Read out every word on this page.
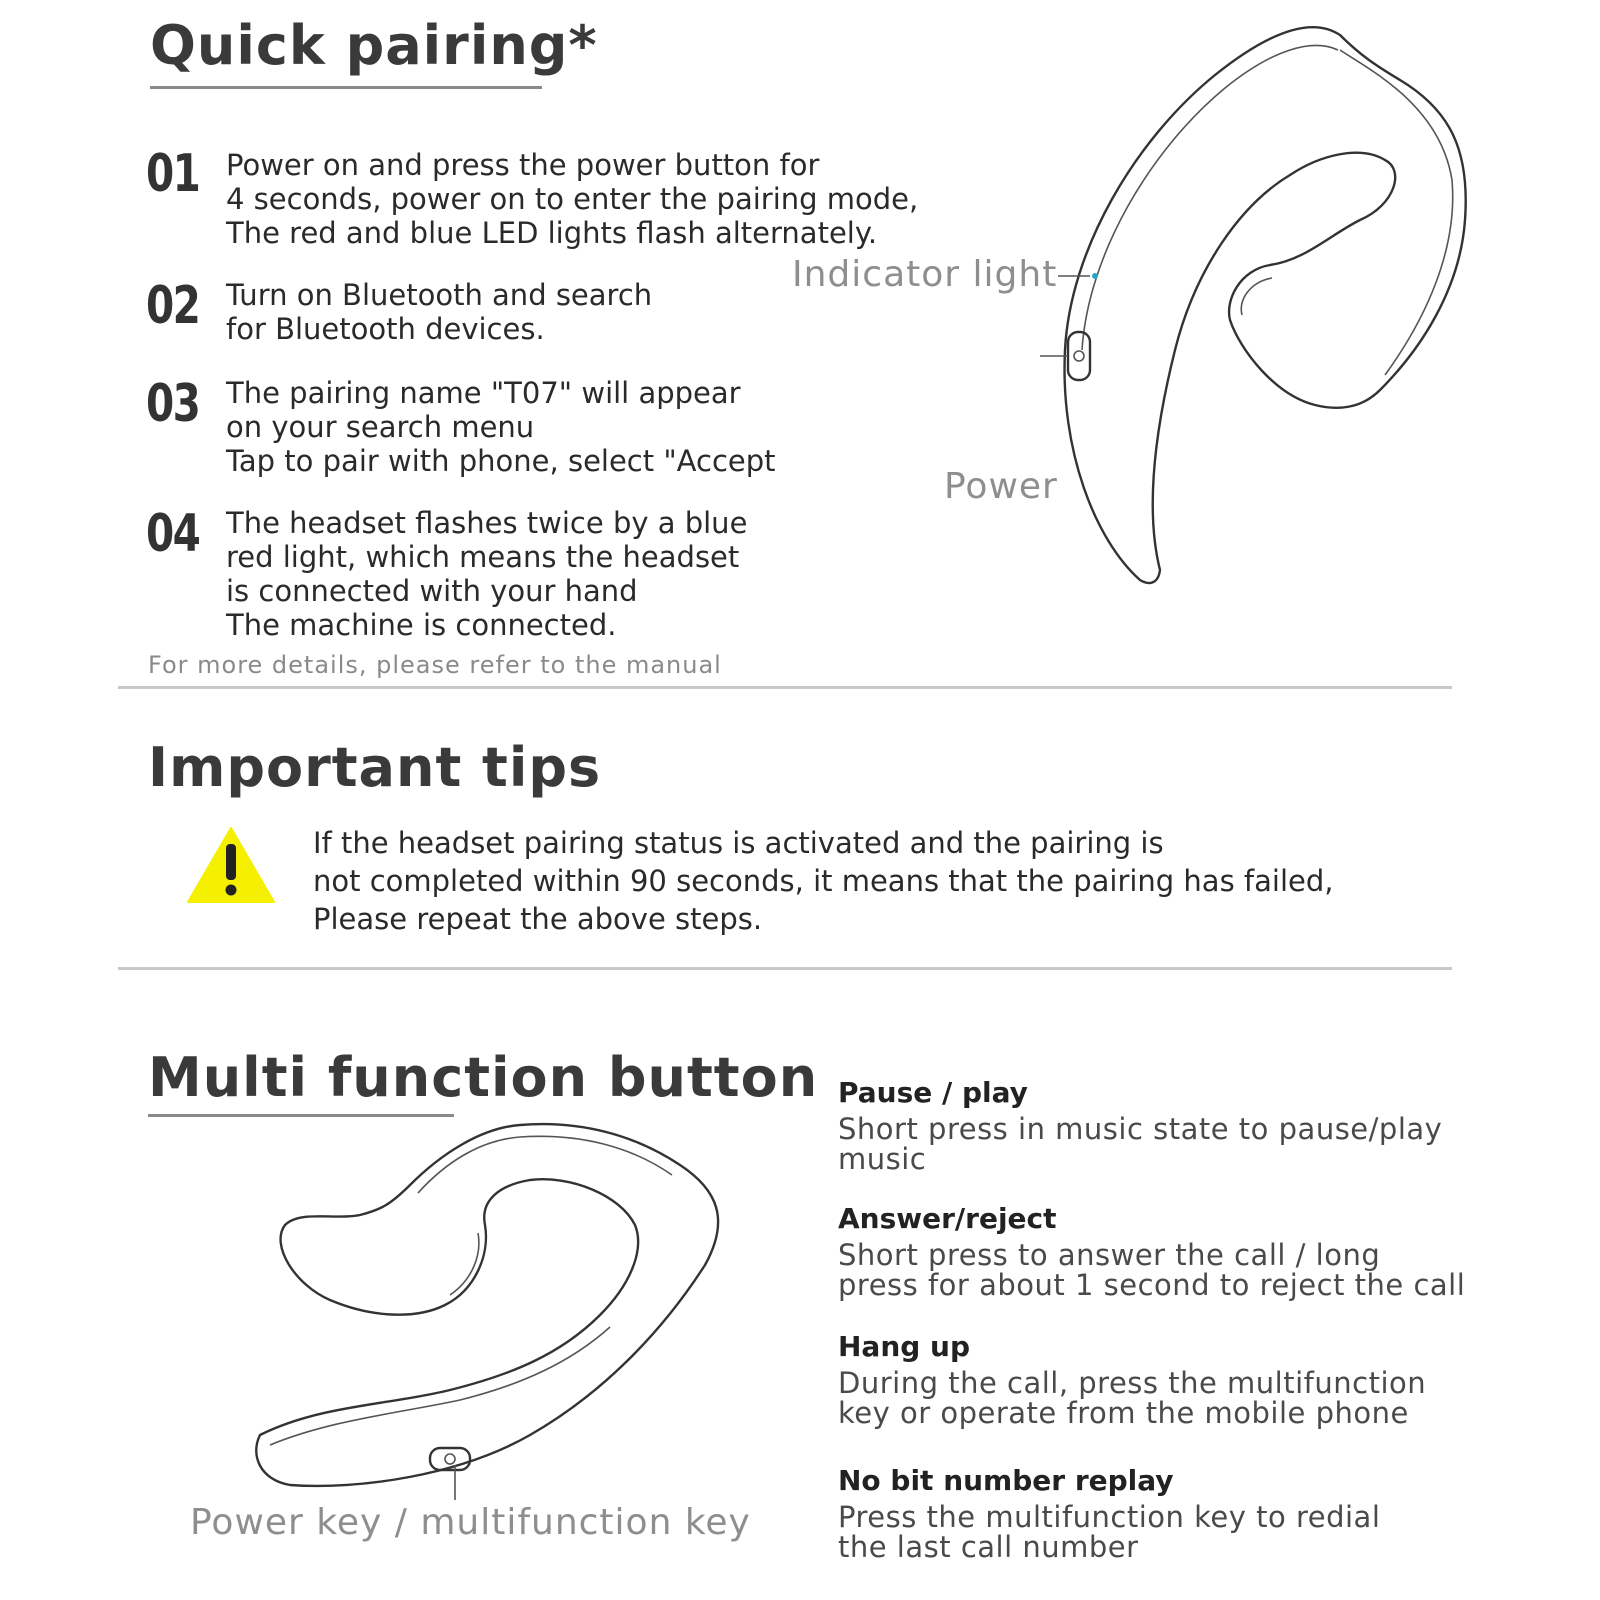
Quick pairing*
01 Power on and press the power button for
4 seconds, power on to enter the pairing mode,
The red and blue LED lights flash alternately.
02 Turn on Bluetooth and search
for Bluetooth devices.
03 The pairing name "T07" will appear
on your search menu
Tap to pair with phone, select "Accept
04 The headset flashes twice by a blue
red light, which means the headset
is connected with your hand
The machine is connected.
For more details, please refer to the manual
Indicator light
Power
Important tips
If the headset pairing status is activated and the pairing is
not completed within 90 seconds, it means that the pairing has failed,
Please repeat the above steps.
Multi function button
Power key / multifunction key
Pause / play
Short press in music state to pause/play
music
Answer/reject
Short press to answer the call / long
press for about 1 second to reject the call
Hang up
During the call, press the multifunction
key or operate from the mobile phone
No bit number replay
Press the multifunction key to redial
the last call number
